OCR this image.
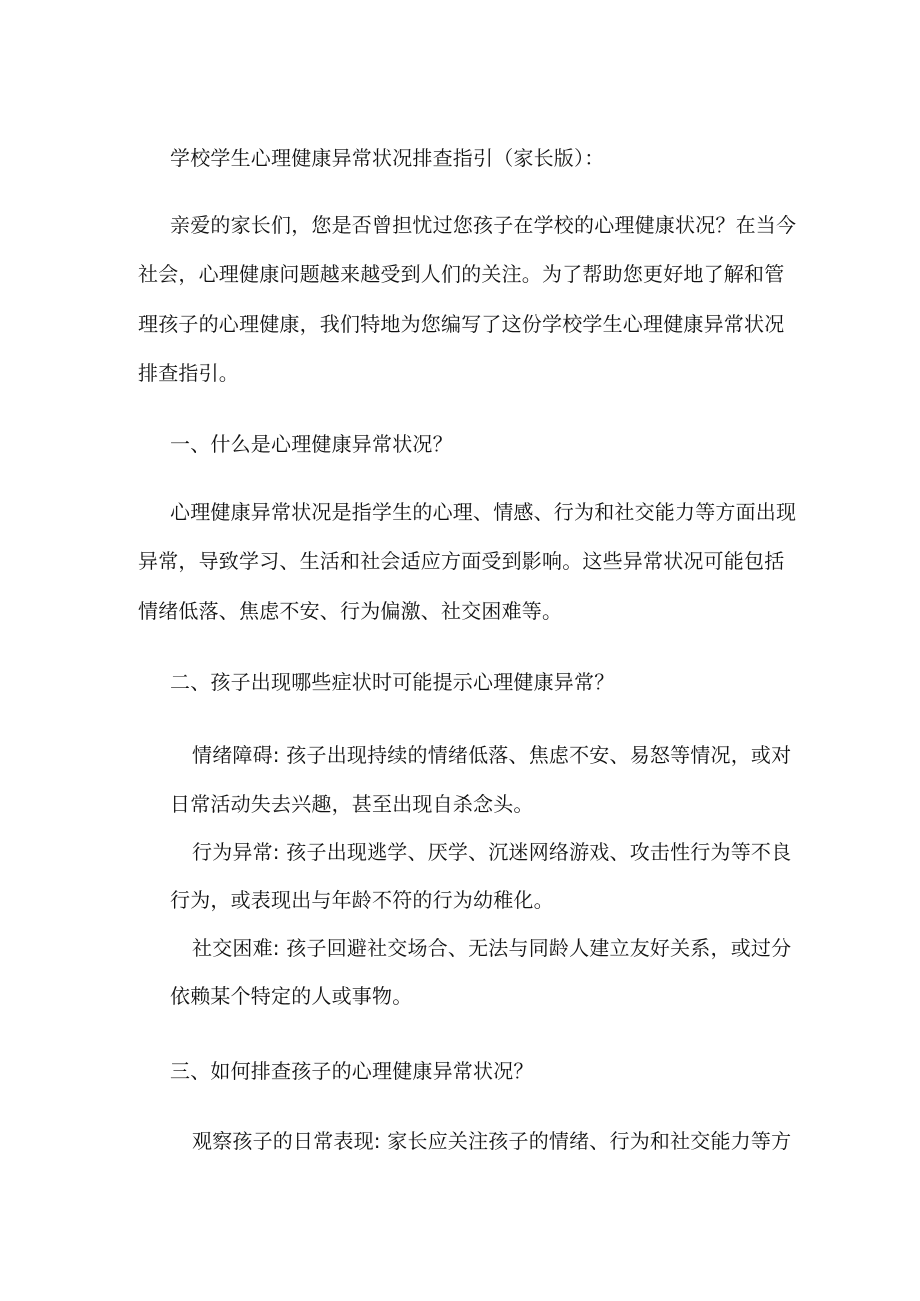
学校学生心理健康异常状况排查指引（家长版）：
亲爱的家长们，您是否曾担忧过您孩子在学校的心理健康状况？在当今
社会，心理健康问题越来越受到人们的关注。为了帮助您更好地了解和管
理孩子的心理健康，我们特地为您编写了这份学校学生心理健康异常状况
排查指引。
一、什么是心理健康异常状况？
心理健康异常状况是指学生的心理、情感、行为和社交能力等方面出现
异常，导致学习、生活和社会适应方面受到影响。这些异常状况可能包括
情绪低落、焦虑不安、行为偏激、社交困难等。
二、孩子出现哪些症状时可能提示心理健康异常？
情绪障碍: 孩子出现持续的情绪低落、焦虑不安、易怒等情况，或对
日常活动失去兴趣，甚至出现自杀念头。
行为异常: 孩子出现逃学、厌学、沉迷网络游戏、攻击性行为等不良
行为，或表现出与年龄不符的行为幼稚化。
社交困难: 孩子回避社交场合、无法与同龄人建立友好关系，或过分
依赖某个特定的人或事物。
三、如何排查孩子的心理健康异常状况？
观察孩子的日常表现: 家长应关注孩子的情绪、行为和社交能力等方
